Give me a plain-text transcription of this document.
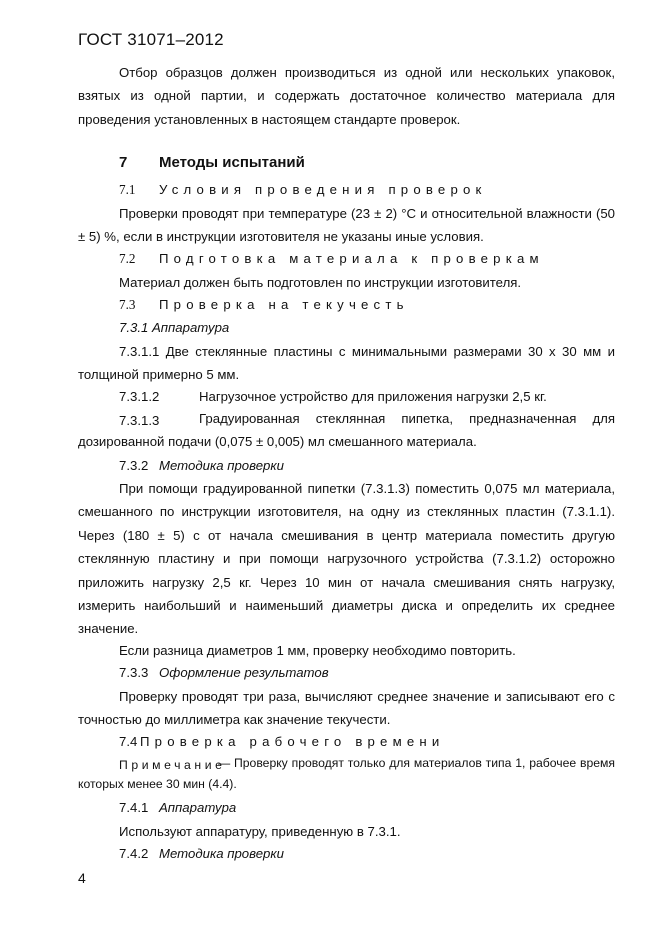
ГОСТ 31071–2012

Отбор образцов должен производиться из одной или нескольких упаковок, взятых из одной партии, и содержать достаточное количество материала для проведения установленных в настоящем стандарте проверок.

7 Методы испытаний
7.1 Условия проведения проверок

Проверки проводят при температуре (23 ± 2) °С и относительной влажности (50 ± 5) %, если в инструкции изготовителя не указаны иные условия.

7.2 Подготовка материала к проверкам

Материал должен быть подготовлен по инструкции изготовителя.

7.3 Проверка на текучесть
7.3.1 Аппаратура

7.3.1.1 Две стеклянные пластины с минимальными размерами 30 х 30 мм и толщиной примерно 5 мм.

7.3.1.2	Нагрузочное устройство для приложения нагрузки 2,5 кг.
7.3.1.3	Градуированная стеклянная пипетка, предназначенная для дозированной подачи (0,075 ± 0,005) мл смешанного материала.

7.3.2 Методика проверки

При помощи градуированной пипетки (7.3.1.3) поместить 0,075 мл материала, смешанного по инструкции изготовителя, на одну из стеклянных пластин (7.3.1.1). Через (180 ± 5) с от начала смешивания в центр материала поместить другую стеклянную пластину и при помощи нагрузочного устройства (7.3.1.2) осторожно приложить нагрузку 2,5 кг. Через 10 мин от начала смешивания снять нагрузку, измерить наибольший и наименьший диаметры диска и определить их среднее значение.

Если разница диаметров 1 мм, проверку необходимо повторить.

7.3.3 Оформление результатов

Проверку проводят три раза, вычисляют среднее значение и записывают его с точностью до миллиметра как значение текучести.

7.4 Проверка рабочего времени
Примечание

— Проверку проводят только для материалов типа 1, рабочее время которых менее 30 мин (4.4).

7.4.1 Аппаратура

Используют аппаратуру, приведенную в 7.3.1.

7.4.2 Методика проверки
4
